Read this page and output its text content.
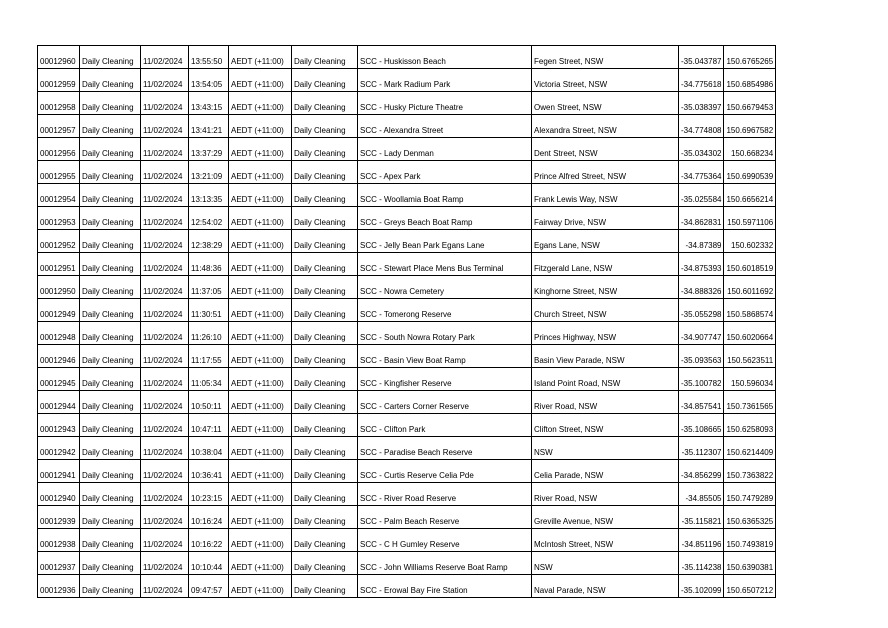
00012960	Daily Cleaning	11/02/2024	13:55:50	AEDT (+11:00)	Daily Cleaning	SCC - Huskisson Beach	Fegen Street, NSW	-35.043787	150.6765265
00012959	Daily Cleaning	11/02/2024	13:54:05	AEDT (+11:00)	Daily Cleaning	SCC - Mark Radium Park	Victoria Street, NSW	-34.775618	150.6854986
00012958	Daily Cleaning	11/02/2024	13:43:15	AEDT (+11:00)	Daily Cleaning	SCC - Husky Picture Theatre	Owen Street, NSW	-35.038397	150.6679453
00012957	Daily Cleaning	11/02/2024	13:41:21	AEDT (+11:00)	Daily Cleaning	SCC - Alexandra Street	Alexandra Street, NSW	-34.774808	150.6967582
00012956	Daily Cleaning	11/02/2024	13:37:29	AEDT (+11:00)	Daily Cleaning	SCC - Lady Denman	Dent Street, NSW	-35.034302	150.668234
00012955	Daily Cleaning	11/02/2024	13:21:09	AEDT (+11:00)	Daily Cleaning	SCC - Apex Park	Prince Alfred Street, NSW	-34.775364	150.6990539
00012954	Daily Cleaning	11/02/2024	13:13:35	AEDT (+11:00)	Daily Cleaning	SCC - Woollamia Boat Ramp	Frank Lewis Way, NSW	-35.025584	150.6656214
00012953	Daily Cleaning	11/02/2024	12:54:02	AEDT (+11:00)	Daily Cleaning	SCC - Greys Beach Boat Ramp	Fairway Drive, NSW	-34.862831	150.5971106
00012952	Daily Cleaning	11/02/2024	12:38:29	AEDT (+11:00)	Daily Cleaning	SCC - Jelly Bean Park Egans Lane	Egans Lane, NSW	-34.87389	150.602332
00012951	Daily Cleaning	11/02/2024	11:48:36	AEDT (+11:00)	Daily Cleaning	SCC - Stewart Place Mens Bus Terminal	Fitzgerald Lane, NSW	-34.875393	150.6018519
00012950	Daily Cleaning	11/02/2024	11:37:05	AEDT (+11:00)	Daily Cleaning	SCC - Nowra Cemetery	Kinghorne Street, NSW	-34.888326	150.6011692
00012949	Daily Cleaning	11/02/2024	11:30:51	AEDT (+11:00)	Daily Cleaning	SCC - Tomerong Reserve	Church Street, NSW	-35.055298	150.5868574
00012948	Daily Cleaning	11/02/2024	11:26:10	AEDT (+11:00)	Daily Cleaning	SCC - South Nowra Rotary Park	Princes Highway, NSW	-34.907747	150.6020664
00012946	Daily Cleaning	11/02/2024	11:17:55	AEDT (+11:00)	Daily Cleaning	SCC - Basin View Boat Ramp	Basin View Parade, NSW	-35.093563	150.5623511
00012945	Daily Cleaning	11/02/2024	11:05:34	AEDT (+11:00)	Daily Cleaning	SCC - Kingfisher Reserve	Island Point Road, NSW	-35.100782	150.596034
00012944	Daily Cleaning	11/02/2024	10:50:11	AEDT (+11:00)	Daily Cleaning	SCC - Carters Corner Reserve	River Road, NSW	-34.857541	150.7361565
00012943	Daily Cleaning	11/02/2024	10:47:11	AEDT (+11:00)	Daily Cleaning	SCC - Clifton Park	Clifton Street, NSW	-35.108665	150.6258093
00012942	Daily Cleaning	11/02/2024	10:38:04	AEDT (+11:00)	Daily Cleaning	SCC - Paradise Beach Reserve	NSW	-35.112307	150.6214409
00012941	Daily Cleaning	11/02/2024	10:36:41	AEDT (+11:00)	Daily Cleaning	SCC - Curtis Reserve Celia Pde	Celia Parade, NSW	-34.856299	150.7363822
00012940	Daily Cleaning	11/02/2024	10:23:15	AEDT (+11:00)	Daily Cleaning	SCC - River Road Reserve	River Road, NSW	-34.85505	150.7479289
00012939	Daily Cleaning	11/02/2024	10:16:24	AEDT (+11:00)	Daily Cleaning	SCC - Palm Beach Reserve	Greville Avenue, NSW	-35.115821	150.6365325
00012938	Daily Cleaning	11/02/2024	10:16:22	AEDT (+11:00)	Daily Cleaning	SCC - C H Gumley Reserve	McIntosh Street, NSW	-34.851196	150.7493819
00012937	Daily Cleaning	11/02/2024	10:10:44	AEDT (+11:00)	Daily Cleaning	SCC - John Williams Reserve Boat Ramp	NSW	-35.114238	150.6390381
00012936	Daily Cleaning	11/02/2024	09:47:57	AEDT (+11:00)	Daily Cleaning	SCC - Erowal Bay Fire Station	Naval Parade, NSW	-35.102099	150.6507212
